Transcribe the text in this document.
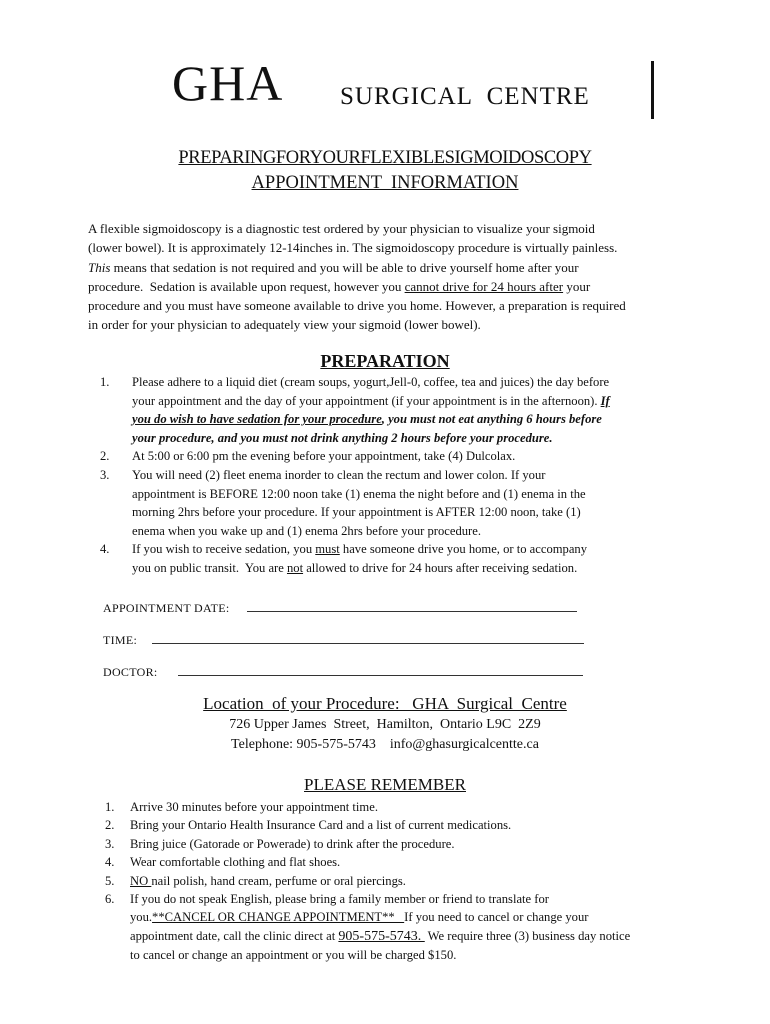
GHA SURGICAL  CENTRE
PREPARINGFORYOURFLEXIBLESIGMOIDOSCOPY
APPOINTMENT  INFORMATION
A flexible sigmoidoscopy is a diagnostic test ordered by your physician to visualize your sigmoid
(lower bowel). It is approximately 12-14inches in. The sigmoidoscopy procedure is virtually painless.
This means that sedation is not required and you will be able to drive yourself home after your
procedure.  Sedation is available upon request, however you cannot drive for 24 hours after your
procedure and you must have someone available to drive you home. However, a preparation is required
in order for your physician to adequately view your sigmoid (lower bowel).
PREPARATION
1. Please adhere to a liquid diet (cream soups, yogurt,Jell-0, coffee, tea and juices) the day before
your appointment and the day of your appointment (if your appointment is in the afternoon). If
you do wish to have sedation for your procedure, you must not eat anything 6 hours before
your procedure, and you must not drink anything 2 hours before your procedure.
2. At 5:00 or 6:00 pm the evening before your appointment, take (4) Dulcolax.
3. You will need (2) fleet enema inorder to clean the rectum and lower colon. If your
appointment is BEFORE 12:00 noon take (1) enema the night before and (1) enema in the
morning 2hrs before your procedure. If your appointment is AFTER 12:00 noon, take (1)
enema when you wake up and (1) enema 2hrs before your procedure.
4. If you wish to receive sedation, you must have someone drive you home, or to accompany
you on public transit.  You are not allowed to drive for 24 hours after receiving sedation.
APPOINTMENT DATE:
TIME:
DOCTOR:
Location  of your Procedure:   GHA  Surgical  Centre
726 Upper James  Street,  Hamilton,  Ontario L9C  2Z9
Telephone: 905-575-5743    info@ghasurgicalcentte.ca
PLEASE REMEMBER
1. Arrive 30 minutes before your appointment time.
2. Bring your Ontario Health Insurance Card and a list of current medications.
3. Bring juice (Gatorade or Powerade) to drink after the procedure.
4. Wear comfortable clothing and flat shoes.
5. NO nail polish, hand cream, perfume or oral piercings.
6. If you do not speak English, please bring a family member or friend to translate for
you.**CANCEL OR CHANGE APPOINTMENT**   If you need to cancel or change your
appointment date, call the clinic direct at 905-575-5743.  We require three (3) business day notice
to cancel or change an appointment or you will be charged $150.
